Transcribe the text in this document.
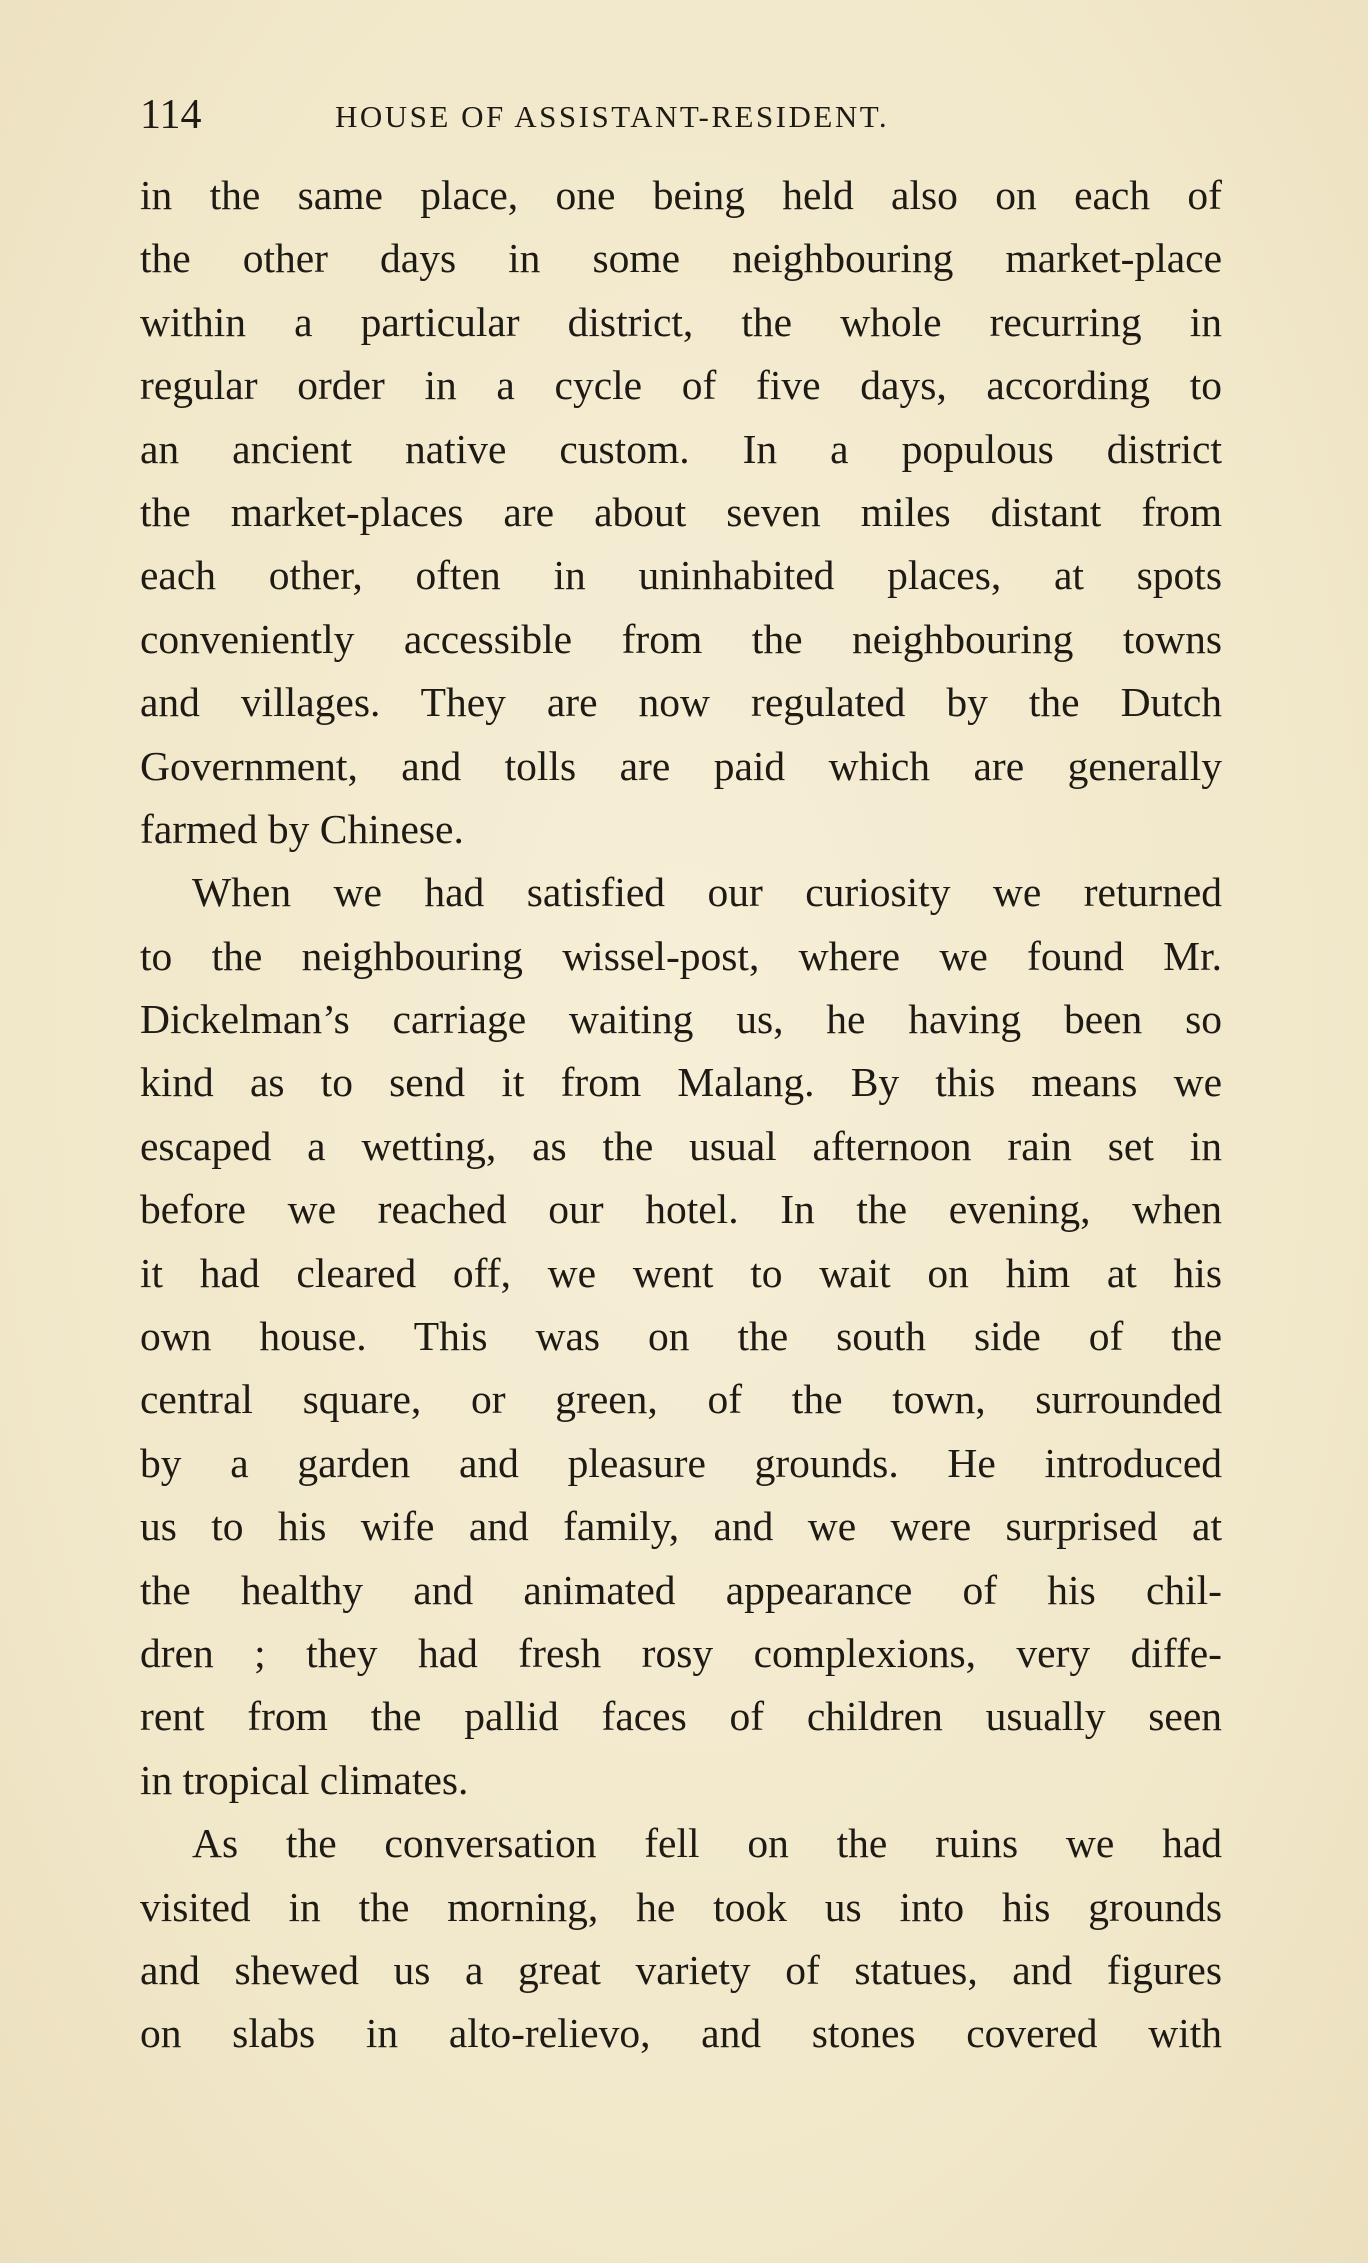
114	HOUSE OF ASSISTANT-RESIDENT.
in the same place, one being held also on each of
the other days in some neighbouring market-place
within a particular district, the whole recurring in
regular order in a cycle of five days, according to
an ancient native custom. In a populous district
the market-places are about seven miles distant from
each other, often in uninhabited places, at spots
conveniently accessible from the neighbouring towns
and villages. They are now regulated by the Dutch
Government, and tolls are paid which are generally
farmed by Chinese.
When we had satisfied our curiosity we returned
to the neighbouring wissel-post, where we found Mr.
Dickelman’s carriage waiting us, he having been so
kind as to send it from Malang. By this means we
escaped a wetting, as the usual afternoon rain set in
before we reached our hotel. In the evening, when
it had cleared off, we went to wait on him at his
own house. This was on the south side of the
central square, or green, of the town, surrounded
by a garden and pleasure grounds. He introduced
us to his wife and family, and we were surprised at
the healthy and animated appearance of his chil-
dren ; they had fresh rosy complexions, very diffe-
rent from the pallid faces of children usually seen
in tropical climates.
As the conversation fell on the ruins we had
visited in the morning, he took us into his grounds
and shewed us a great variety of statues, and figures
on slabs in alto-relievo, and stones covered with
